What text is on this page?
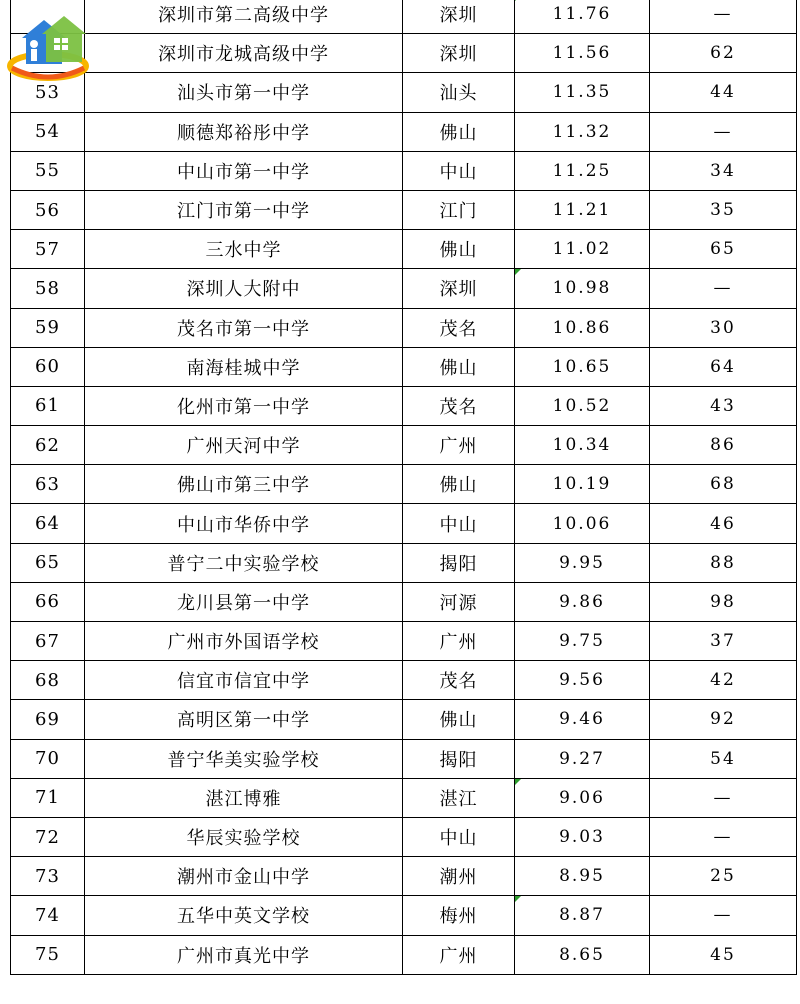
	深圳市第二高级中学	深圳	11.76	—
	深圳市龙城高级中学	深圳	11.56	62
53	汕头市第一中学	汕头	11.35	44
54	顺德郑裕彤中学	佛山	11.32	—
55	中山市第一中学	中山	11.25	34
56	江门市第一中学	江门	11.21	35
57	三水中学	佛山	11.02	65
58	深圳人大附中	深圳	10.98	—
59	茂名市第一中学	茂名	10.86	30
60	南海桂城中学	佛山	10.65	64
61	化州市第一中学	茂名	10.52	43
62	广州天河中学	广州	10.34	86
63	佛山市第三中学	佛山	10.19	68
64	中山市华侨中学	中山	10.06	46
65	普宁二中实验学校	揭阳	9.95	88
66	龙川县第一中学	河源	9.86	98
67	广州市外国语学校	广州	9.75	37
68	信宜市信宜中学	茂名	9.56	42
69	高明区第一中学	佛山	9.46	92
70	普宁华美实验学校	揭阳	9.27	54
71	湛江博雅	湛江	9.06	—
72	华辰实验学校	中山	9.03	—
73	潮州市金山中学	潮州	8.95	25
74	五华中英文学校	梅州	8.87	—
75	广州市真光中学	广州	8.65	45
